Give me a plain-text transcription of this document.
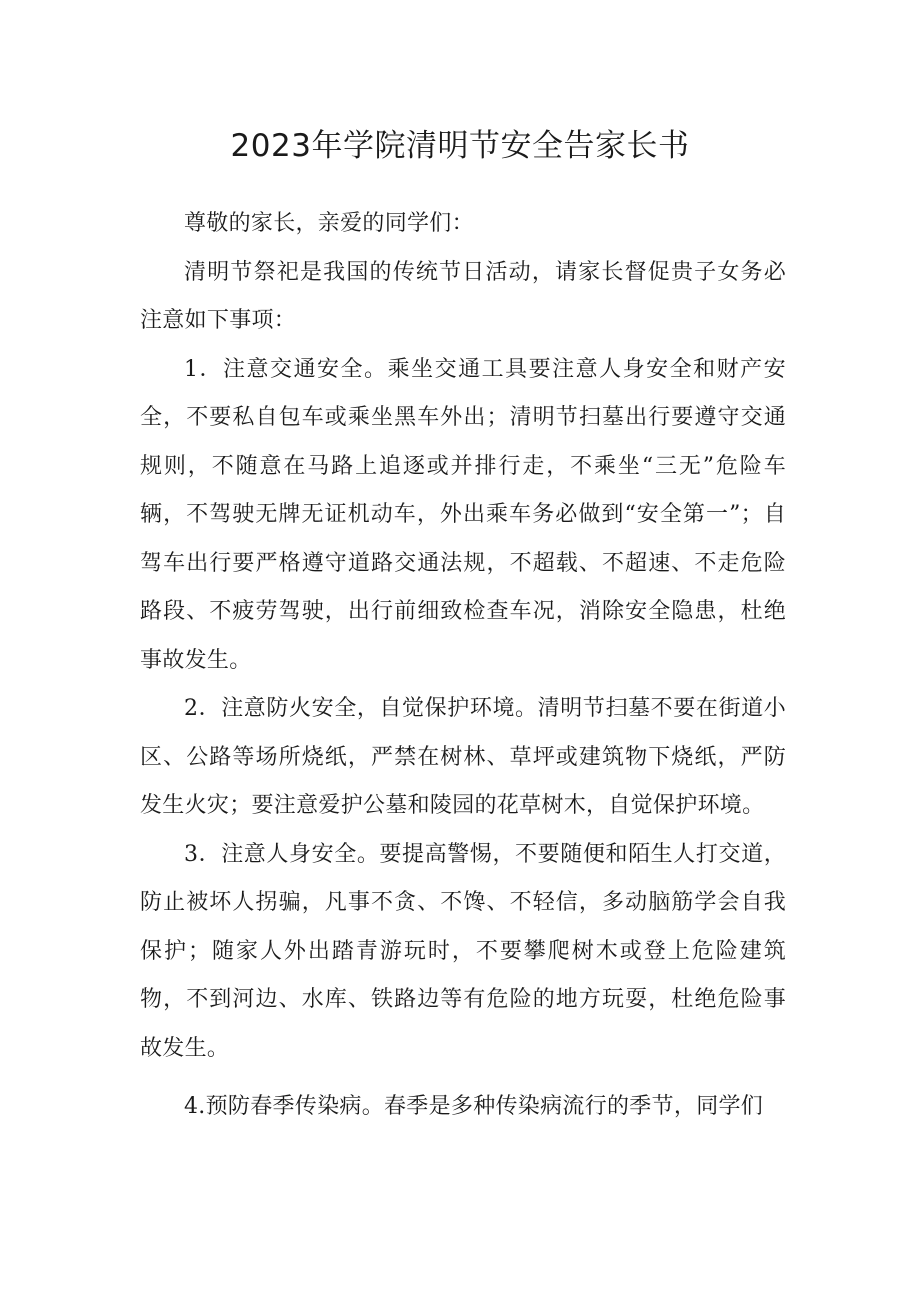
2023年学院清明节安全告家长书

尊敬的家长，亲爱的同学们：

清明节祭祀是我国的传统节日活动，请家长督促贵子女务必注意如下事项：

1．注意交通安全。乘坐交通工具要注意人身安全和财产安全，不要私自包车或乘坐黑车外出；清明节扫墓出行要遵守交通规则，不随意在马路上追逐或并排行走，不乘坐“三无”危险车辆，不驾驶无牌无证机动车，外出乘车务必做到“安全第一”；自驾车出行要严格遵守道路交通法规，不超载、不超速、不走危险路段、不疲劳驾驶，出行前细致检查车况，消除安全隐患，杜绝事故发生。

2．注意防火安全，自觉保护环境。清明节扫墓不要在街道小区、公路等场所烧纸，严禁在树林、草坪或建筑物下烧纸，严防发生火灾；要注意爱护公墓和陵园的花草树木，自觉保护环境。

3．注意人身安全。要提高警惕，不要随便和陌生人打交道，防止被坏人拐骗，凡事不贪、不馋、不轻信，多动脑筋学会自我保护；随家人外出踏青游玩时，不要攀爬树木或登上危险建筑物，不到河边、水库、铁路边等有危险的地方玩耍，杜绝危险事故发生。

4.预防春季传染病。春季是多种传染病流行的季节，同学们
